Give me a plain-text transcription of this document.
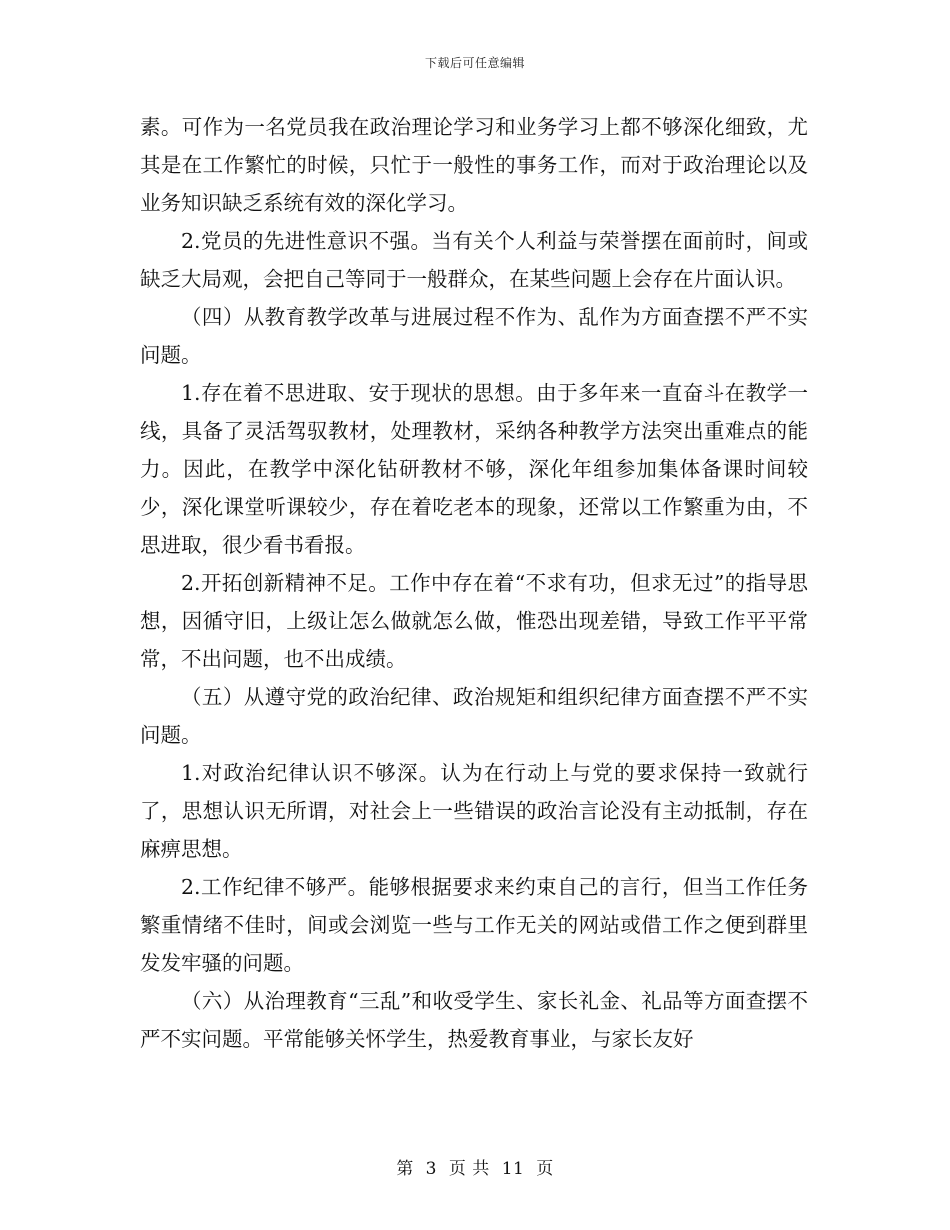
下载后可任意编辑

素。可作为一名党员我在政治理论学习和业务学习上都不够深化细致，尤其是在工作繁忙的时候，只忙于一般性的事务工作，而对于政治理论以及业务知识缺乏系统有效的深化学习。

2.党员的先进性意识不强。当有关个人利益与荣誉摆在面前时，间或缺乏大局观，会把自己等同于一般群众，在某些问题上会存在片面认识。

（四）从教育教学改革与进展过程不作为、乱作为方面查摆不严不实问题。

1.存在着不思进取、安于现状的思想。由于多年来一直奋斗在教学一线，具备了灵活驾驭教材，处理教材，采纳各种教学方法突出重难点的能力。因此，在教学中深化钻研教材不够，深化年组参加集体备课时间较少，深化课堂听课较少，存在着吃老本的现象，还常以工作繁重为由，不思进取，很少看书看报。

2.开拓创新精神不足。工作中存在着“不求有功，但求无过”的指导思想，因循守旧，上级让怎么做就怎么做，惟恐出现差错，导致工作平平常常，不出问题，也不出成绩。

（五）从遵守党的政治纪律、政治规矩和组织纪律方面查摆不严不实问题。

1.对政治纪律认识不够深。认为在行动上与党的要求保持一致就行了，思想认识无所谓，对社会上一些错误的政治言论没有主动抵制，存在麻痹思想。

2.工作纪律不够严。能够根据要求来约束自己的言行，但当工作任务繁重情绪不佳时，间或会浏览一些与工作无关的网站或借工作之便到群里发发牢骚的问题。

（六）从治理教育“三乱”和收受学生、家长礼金、礼品等方面查摆不严不实问题。平常能够关怀学生，热爱教育事业，与家长友好

第 3 页 共 11 页
